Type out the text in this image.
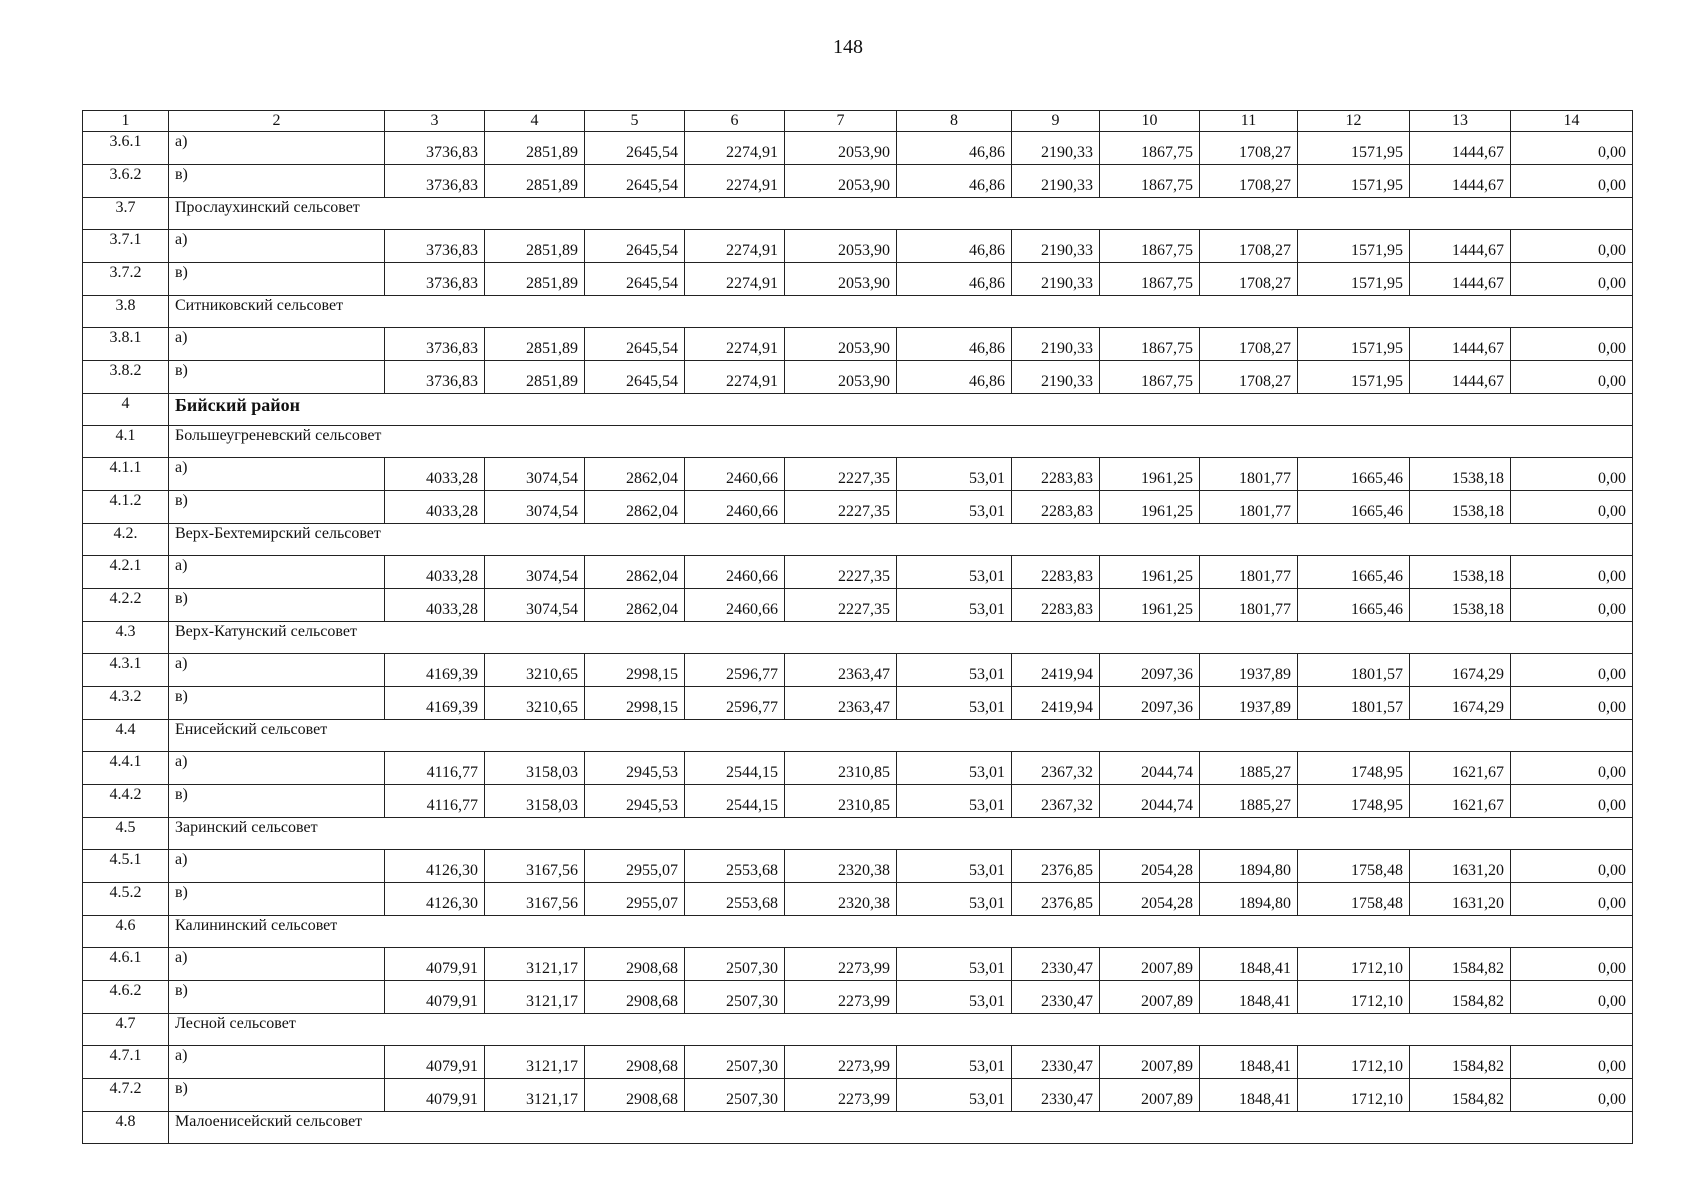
148
1	2	3	4	5	6	7	8	9	10	11	12	13	14
3.6.1	а)	3736,83	2851,89	2645,54	2274,91	2053,90	46,86	2190,33	1867,75	1708,27	1571,95	1444,67	0,00
3.6.2	в)	3736,83	2851,89	2645,54	2274,91	2053,90	46,86	2190,33	1867,75	1708,27	1571,95	1444,67	0,00
3.7	Прослаухинский сельсовет												
3.7.1	а)	3736,83	2851,89	2645,54	2274,91	2053,90	46,86	2190,33	1867,75	1708,27	1571,95	1444,67	0,00
3.7.2	в)	3736,83	2851,89	2645,54	2274,91	2053,90	46,86	2190,33	1867,75	1708,27	1571,95	1444,67	0,00
3.8	Ситниковский сельсовет												
3.8.1	а)	3736,83	2851,89	2645,54	2274,91	2053,90	46,86	2190,33	1867,75	1708,27	1571,95	1444,67	0,00
3.8.2	в)	3736,83	2851,89	2645,54	2274,91	2053,90	46,86	2190,33	1867,75	1708,27	1571,95	1444,67	0,00
4	Бийский район												
4.1	Большеугреневский сельсовет												
4.1.1	а)	4033,28	3074,54	2862,04	2460,66	2227,35	53,01	2283,83	1961,25	1801,77	1665,46	1538,18	0,00
4.1.2	в)	4033,28	3074,54	2862,04	2460,66	2227,35	53,01	2283,83	1961,25	1801,77	1665,46	1538,18	0,00
4.2.	Верх-Бехтемирский сельсовет												
4.2.1	а)	4033,28	3074,54	2862,04	2460,66	2227,35	53,01	2283,83	1961,25	1801,77	1665,46	1538,18	0,00
4.2.2	в)	4033,28	3074,54	2862,04	2460,66	2227,35	53,01	2283,83	1961,25	1801,77	1665,46	1538,18	0,00
4.3	Верх-Катунский сельсовет												
4.3.1	а)	4169,39	3210,65	2998,15	2596,77	2363,47	53,01	2419,94	2097,36	1937,89	1801,57	1674,29	0,00
4.3.2	в)	4169,39	3210,65	2998,15	2596,77	2363,47	53,01	2419,94	2097,36	1937,89	1801,57	1674,29	0,00
4.4	Енисейский сельсовет												
4.4.1	а)	4116,77	3158,03	2945,53	2544,15	2310,85	53,01	2367,32	2044,74	1885,27	1748,95	1621,67	0,00
4.4.2	в)	4116,77	3158,03	2945,53	2544,15	2310,85	53,01	2367,32	2044,74	1885,27	1748,95	1621,67	0,00
4.5	Заринский сельсовет												
4.5.1	а)	4126,30	3167,56	2955,07	2553,68	2320,38	53,01	2376,85	2054,28	1894,80	1758,48	1631,20	0,00
4.5.2	в)	4126,30	3167,56	2955,07	2553,68	2320,38	53,01	2376,85	2054,28	1894,80	1758,48	1631,20	0,00
4.6	Калининский сельсовет												
4.6.1	а)	4079,91	3121,17	2908,68	2507,30	2273,99	53,01	2330,47	2007,89	1848,41	1712,10	1584,82	0,00
4.6.2	в)	4079,91	3121,17	2908,68	2507,30	2273,99	53,01	2330,47	2007,89	1848,41	1712,10	1584,82	0,00
4.7	Лесной сельсовет												
4.7.1	а)	4079,91	3121,17	2908,68	2507,30	2273,99	53,01	2330,47	2007,89	1848,41	1712,10	1584,82	0,00
4.7.2	в)	4079,91	3121,17	2908,68	2507,30	2273,99	53,01	2330,47	2007,89	1848,41	1712,10	1584,82	0,00
4.8	Малоенисейский сельсовет												
